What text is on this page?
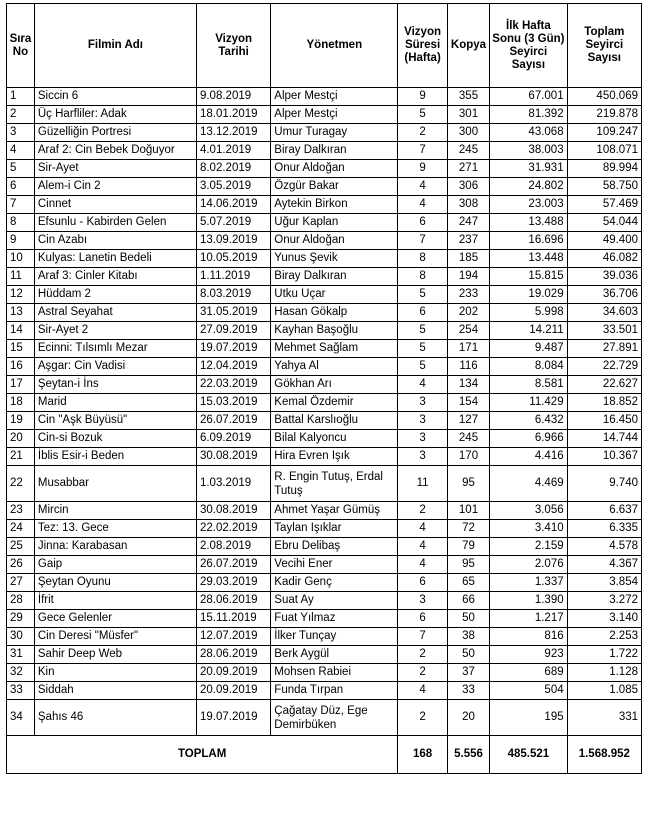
Sıra No	Filmin Adı	Vizyon Tarihi	Yönetmen	Vizyon Süresi (Hafta)	Kopya	İlk Hafta Sonu (3 Gün) Seyirci Sayısı	Toplam Seyirci Sayısı
1	Siccin 6	9.08.2019	Alper Mestçi	9	355	67.001	450.069
2	Üç Harfliler: Adak	18.01.2019	Alper Mestçi	5	301	81.392	219.878
3	Güzelliğin Portresi	13.12.2019	Umur Turagay	2	300	43.068	109.247
4	Araf 2: Cin Bebek Doğuyor	4.01.2019	Biray Dalkıran	7	245	38.003	108.071
5	Sir-Ayet	8.02.2019	Onur Aldoğan	9	271	31.931	89.994
6	Alem-i Cin 2	3.05.2019	Özgür Bakar	4	306	24.802	58.750
7	Cinnet	14.06.2019	Aytekin Birkon	4	308	23.003	57.469
8	Efsunlu - Kabirden Gelen	5.07.2019	Uğur Kaplan	6	247	13.488	54.044
9	Cin Azabı	13.09.2019	Onur Aldoğan	7	237	16.696	49.400
10	Kulyas: Lanetin Bedeli	10.05.2019	Yunus Şevik	8	185	13.448	46.082
11	Araf 3: Cinler Kitabı	1.11.2019	Biray Dalkıran	8	194	15.815	39.036
12	Hüddam 2	8.03.2019	Utku Uçar	5	233	19.029	36.706
13	Astral Seyahat	31.05.2019	Hasan Gökalp	6	202	5.998	34.603
14	Sir-Ayet 2	27.09.2019	Kayhan Başoğlu	5	254	14.211	33.501
15	Ecinni: Tılsımlı Mezar	19.07.2019	Mehmet Sağlam	5	171	9.487	27.891
16	Aşgar: Cin Vadisi	12.04.2019	Yahya Al	5	116	8.084	22.729
17	Şeytan-i İns	22.03.2019	Gökhan Arı	4	134	8.581	22.627
18	Marid	15.03.2019	Kemal Özdemir	3	154	11.429	18.852
19	Cin "Aşk Büyüsü"	26.07.2019	Battal Karslıoğlu	3	127	6.432	16.450
20	Cin-si Bozuk	6.09.2019	Bilal Kalyoncu	3	245	6.966	14.744
21	İblis Esir-i Beden	30.08.2019	Hira Evren Işık	3	170	4.416	10.367
22	Musabbar	1.03.2019	R. Engin Tutuş, Erdal Tutuş	11	95	4.469	9.740
23	Mircin	30.08.2019	Ahmet Yaşar Gümüş	2	101	3.056	6.637
24	Tez: 13. Gece	22.02.2019	Taylan Işıklar	4	72	3.410	6.335
25	Jinna: Karabasan	2.08.2019	Ebru Delibaş	4	79	2.159	4.578
26	Gaip	26.07.2019	Vecihi Ener	4	95	2.076	4.367
27	Şeytan Oyunu	29.03.2019	Kadir Genç	6	65	1.337	3.854
28	İfrit	28.06.2019	Suat Ay	3	66	1.390	3.272
29	Gece Gelenler	15.11.2019	Fuat Yılmaz	6	50	1.217	3.140
30	Cin Deresi "Müsfer"	12.07.2019	İlker Tunçay	7	38	816	2.253
31	Sahir Deep Web	28.06.2019	Berk Aygül	2	50	923	1.722
32	Kin	20.09.2019	Mohsen Rabiei	2	37	689	1.128
33	Siddah	20.09.2019	Funda Tırpan	4	33	504	1.085
34	Şahıs 46	19.07.2019	Çağatay Düz, Ege Demirbüken	2	20	195	331
TOPLAM				168	5.556	485.521	1.568.952
